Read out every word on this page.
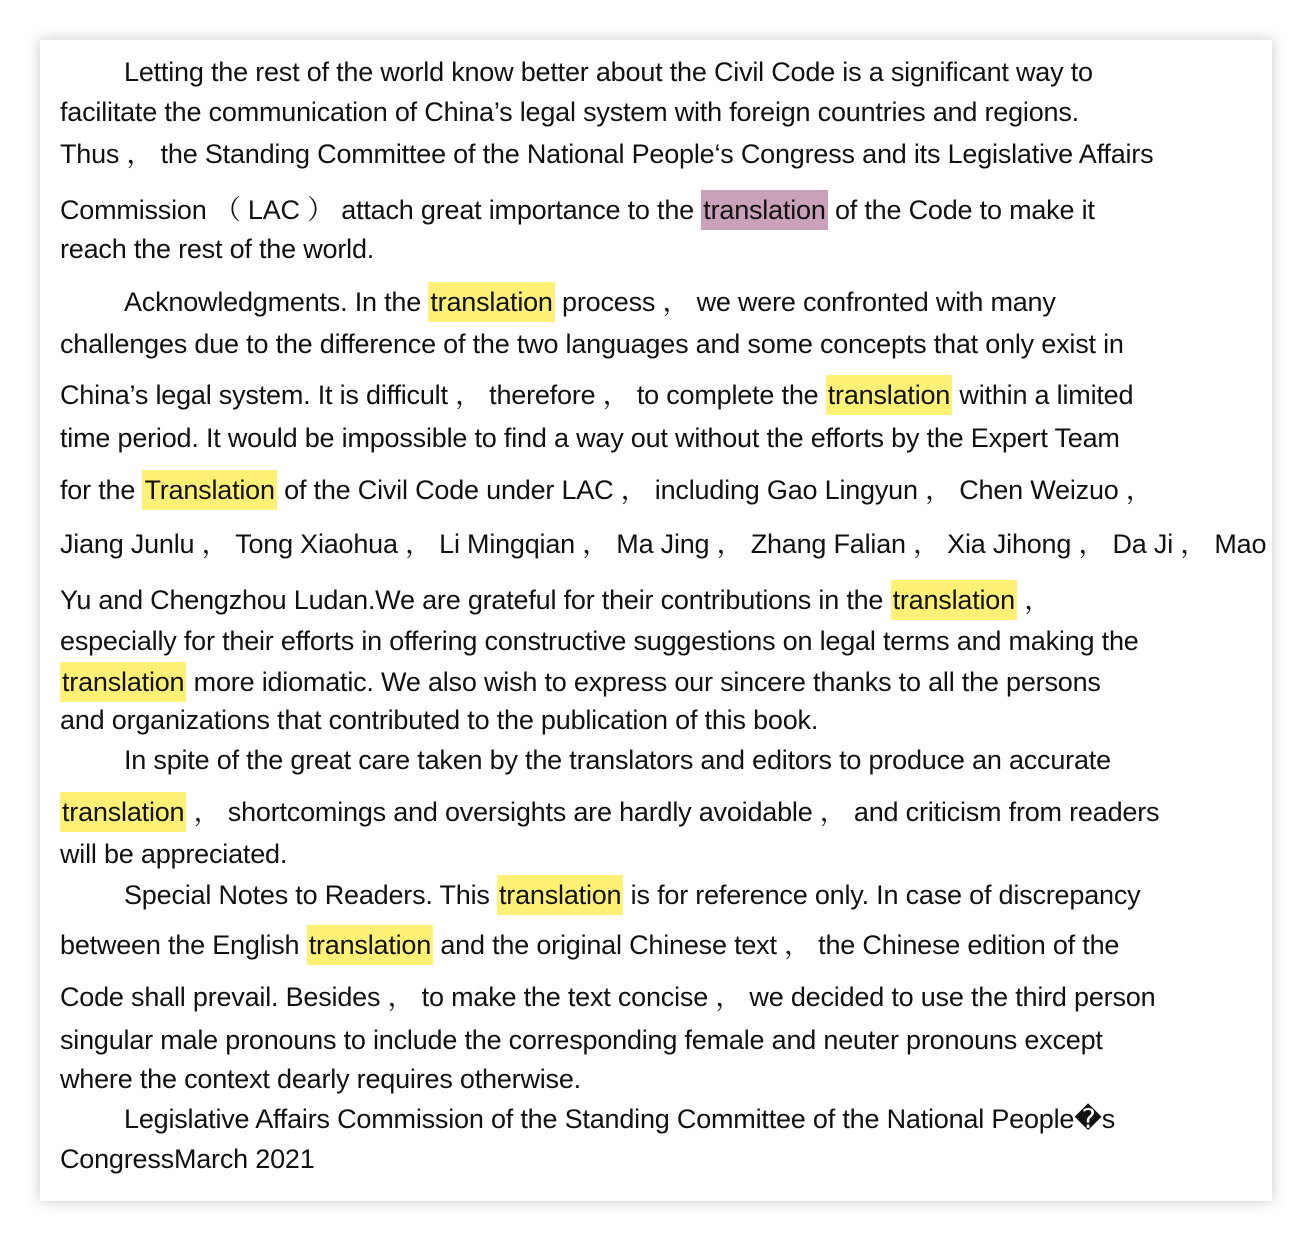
Letting the rest of the world know better about the Civil Code is a significant way to
facilitate the communication of China’s legal system with foreign countries and regions.
Thus ， the Standing Committee of the National People‘s Congress and its Legislative Affairs
Commission （ LAC ） attach great importance to the translation of the Code to make it
reach the rest of the world.
Acknowledgments. In the translation process ， we were confronted with many
challenges due to the difference of the two languages and some concepts that only exist in
China’s legal system. It is difficult ， therefore ， to complete the translation within a limited
time period. It would be impossible to find a way out without the efforts by the Expert Team
for the Translation of the Civil Code under LAC ， including Gao Lingyun ， Chen Weizuo ，
Jiang Junlu ， Tong Xiaohua ， Li Mingqian ， Ma Jing ， Zhang Falian ， Xia Jihong ， Da Ji ， Mao
Yu and Chengzhou Ludan.We are grateful for their contributions in the translation ，
especially for their efforts in offering constructive suggestions on legal terms and making the
translation more idiomatic. We also wish to express our sincere thanks to all the persons
and organizations that contributed to the publication of this book.
In spite of the great care taken by the translators and editors to produce an accurate
translation ， shortcomings and oversights are hardly avoidable ， and criticism from readers
will be appreciated.
Special Notes to Readers. This translation is for reference only. In case of discrepancy
between the English translation and the original Chinese text ， the Chinese edition of the
Code shall prevail. Besides ， to make the text concise ， we decided to use the third person
singular male pronouns to include the corresponding female and neuter pronouns except
where the context dearly requires otherwise.
Legislative Affairs Commission of the Standing Committee of the National People�s
CongressMarch 2021
